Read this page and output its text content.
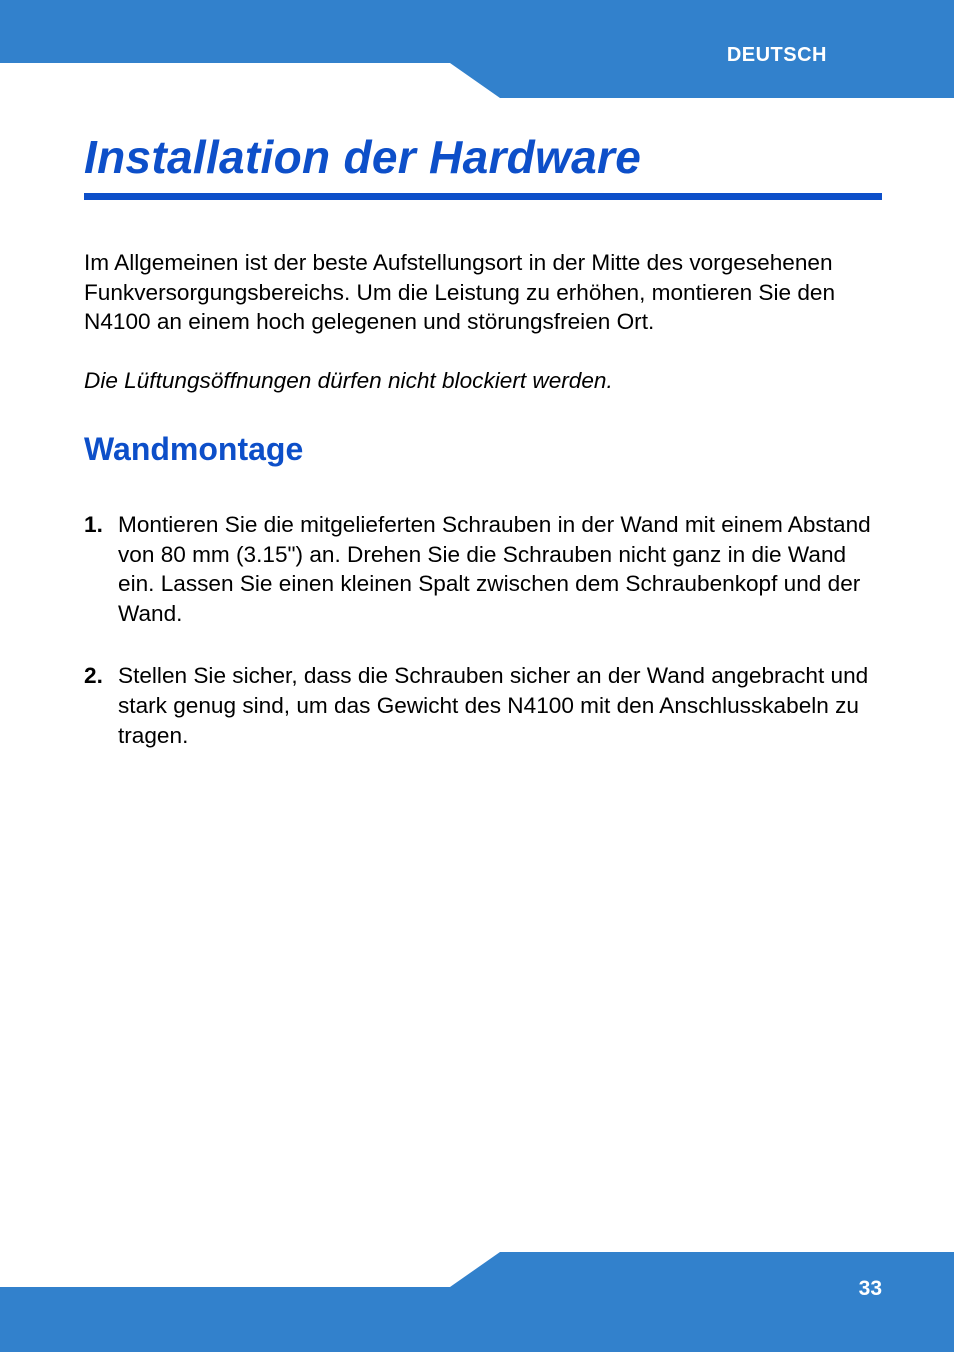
DEUTSCH
Installation der Hardware

Im Allgemeinen ist der beste Aufstellungsort in der Mitte des vorgesehenen Funkversorgungsbereichs. Um die Leistung zu erhöhen, montieren Sie den N4100 an einem hoch gelegenen und störungsfreien Ort.

Die Lüftungsöffnungen dürfen nicht blockiert werden.

Wandmontage
1. Montieren Sie die mitgelieferten Schrauben in der Wand mit einem Abstand von 80 mm (3.15") an. Drehen Sie die Schrauben nicht ganz in die Wand ein. Lassen Sie einen kleinen Spalt zwischen dem Schraubenkopf und der Wand.
2. Stellen Sie sicher, dass die Schrauben sicher an der Wand angebracht und stark genug sind, um das Gewicht des N4100 mit den Anschlusskabeln zu tragen.
33
